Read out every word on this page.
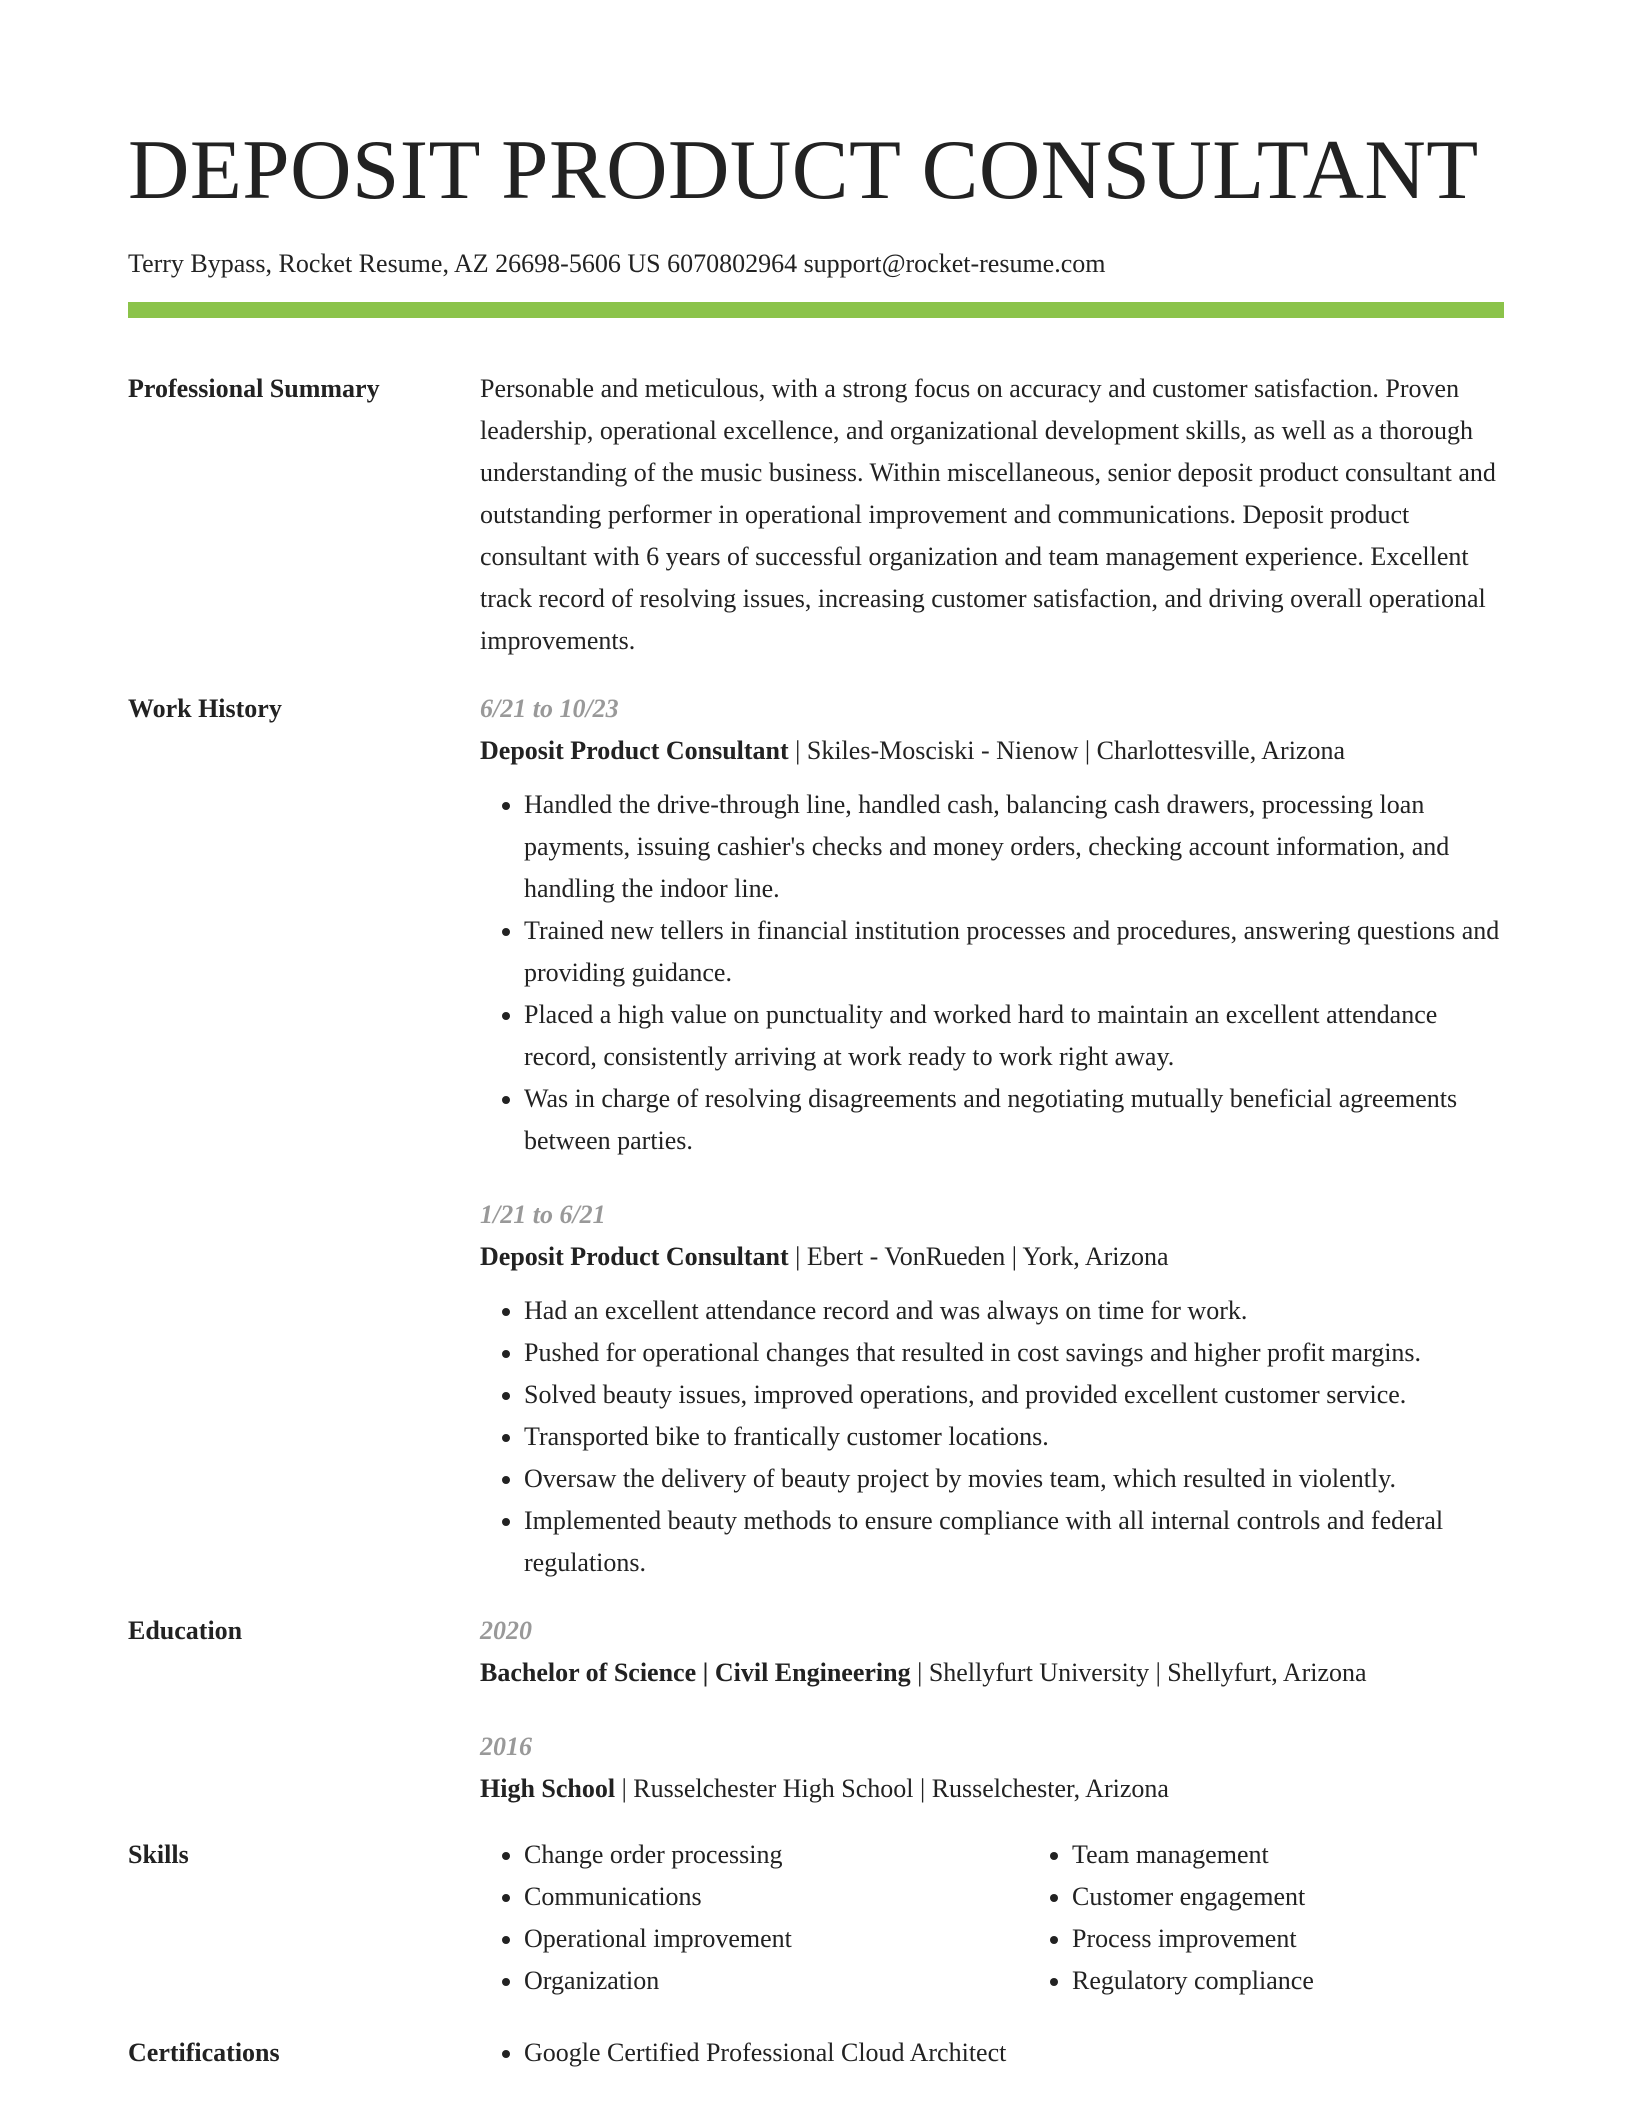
DEPOSIT PRODUCT CONSULTANT
Terry Bypass, Rocket Resume, AZ 26698-5606 US 6070802964 support@rocket-resume.com
Professional Summary	Personable and meticulous, with a strong focus on accuracy and customer satisfaction. Proven leadership, operational excellence, and organizational development skills, as well as a thorough understanding of the music business. Within miscellaneous, senior deposit product consultant and outstanding performer in operational improvement and communications. Deposit product consultant with 6 years of successful organization and team management experience. Excellent track record of resolving issues, increasing customer satisfaction, and driving overall operational improvements.

Work History	6/21 to 10/23
Deposit Product Consultant | Skiles-Mosciski - Nienow | Charlottesville, Arizona
• Handled the drive-through line, handled cash, balancing cash drawers, processing loan payments, issuing cashier's checks and money orders, checking account information, and handling the indoor line.
• Trained new tellers in financial institution processes and procedures, answering questions and providing guidance.
• Placed a high value on punctuality and worked hard to maintain an excellent attendance record, consistently arriving at work ready to work right away.
• Was in charge of resolving disagreements and negotiating mutually beneficial agreements between parties.
1/21 to 6/21
Deposit Product Consultant | Ebert - VonRueden | York, Arizona
• Had an excellent attendance record and was always on time for work.
• Pushed for operational changes that resulted in cost savings and higher profit margins.
• Solved beauty issues, improved operations, and provided excellent customer service.
• Transported bike to frantically customer locations.
• Oversaw the delivery of beauty project by movies team, which resulted in violently.
• Implemented beauty methods to ensure compliance with all internal controls and federal regulations.
Education	2020
Bachelor of Science | Civil Engineering | Shellyfurt University | Shellyfurt, Arizona
2016
High School | Russelchester High School | Russelchester, Arizona
Skills	• Change order processing
• Communications
• Operational improvement
• Organization
• Team management
• Customer engagement
• Process improvement
• Regulatory compliance
Certifications	• Google Certified Professional Cloud Architect
